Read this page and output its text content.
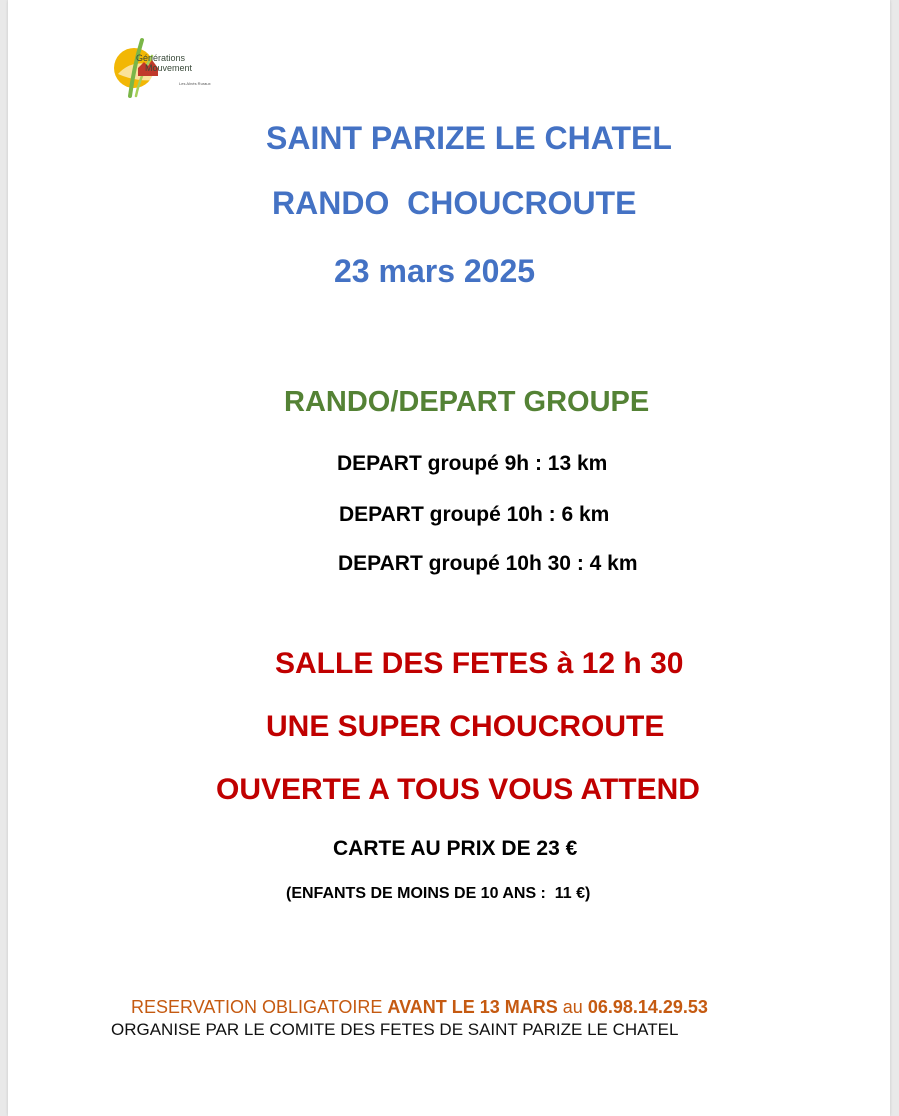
Générations
Mouvement
Les Aînés Ruraux
SAINT PARIZE LE CHATEL
RANDO  CHOUCROUTE
23 mars 2025
RANDO/DEPART GROUPE
DEPART groupé 9h : 13 km
DEPART groupé 10h : 6 km
DEPART groupé 10h 30 : 4 km
SALLE DES FETES à 12 h 30
UNE SUPER CHOUCROUTE
OUVERTE A TOUS VOUS ATTEND
CARTE AU PRIX DE 23 €
(ENFANTS DE MOINS DE 10 ANS :  11 €)

RESERVATION OBLIGATOIRE AVANT LE 13 MARS au 06.98.14.29.53

ORGANISE PAR LE COMITE DES FETES DE SAINT PARIZE LE CHATEL
